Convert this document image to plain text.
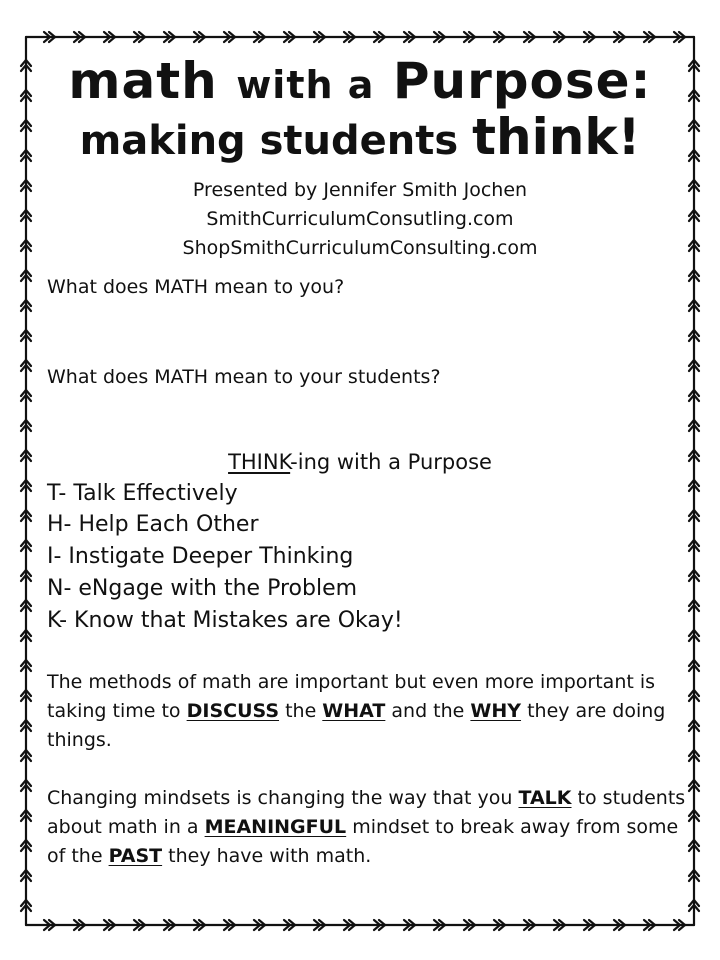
math with a Purpose:
making students think!
Presented by Jennifer Smith Jochen
SmithCurriculumConsutling.com
ShopSmithCurriculumConsulting.com
What does MATH mean to you?
What does MATH mean to your students?
THINK-ing with a Purpose
T- Talk Effectively
H- Help Each Other
I- Instigate Deeper Thinking
N- eNgage with the Problem
K- Know that Mistakes are Okay!
The methods of math are important but even more important is taking time to DISCUSS the WHAT and the WHY they are doing things.
Changing mindsets is changing the way that you TALK to students about math in a MEANINGFUL mindset to break away from some of the PAST they have with math.
